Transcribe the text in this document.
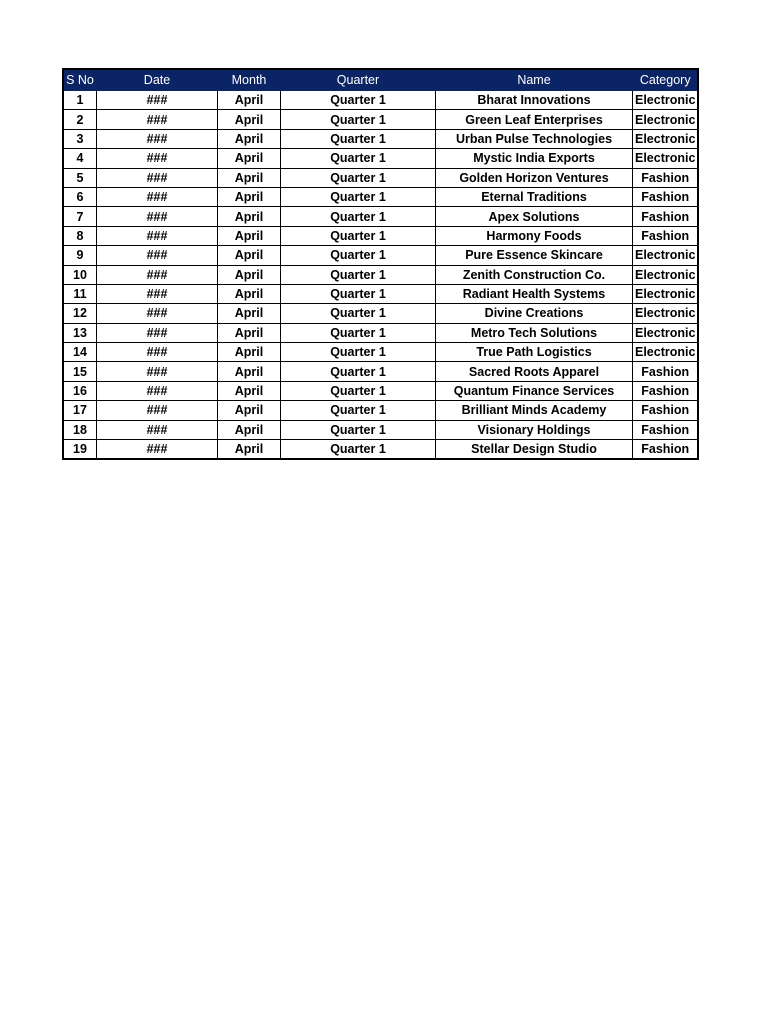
S No	Date	Month	Quarter	Name	Category
1	###	April	Quarter 1	Bharat Innovations	Electronic
2	###	April	Quarter 1	Green Leaf Enterprises	Electronic
3	###	April	Quarter 1	Urban Pulse Technologies	Electronic
4	###	April	Quarter 1	Mystic India Exports	Electronic
5	###	April	Quarter 1	Golden Horizon Ventures	Fashion
6	###	April	Quarter 1	Eternal Traditions	Fashion
7	###	April	Quarter 1	Apex Solutions	Fashion
8	###	April	Quarter 1	Harmony Foods	Fashion
9	###	April	Quarter 1	Pure Essence Skincare	Electronic
10	###	April	Quarter 1	Zenith Construction Co.	Electronic
11	###	April	Quarter 1	Radiant Health Systems	Electronic
12	###	April	Quarter 1	Divine Creations	Electronic
13	###	April	Quarter 1	Metro Tech Solutions	Electronic
14	###	April	Quarter 1	True Path Logistics	Electronic
15	###	April	Quarter 1	Sacred Roots Apparel	Fashion
16	###	April	Quarter 1	Quantum Finance Services	Fashion
17	###	April	Quarter 1	Brilliant Minds Academy	Fashion
18	###	April	Quarter 1	Visionary Holdings	Fashion
19	###	April	Quarter 1	Stellar Design Studio	Fashion
